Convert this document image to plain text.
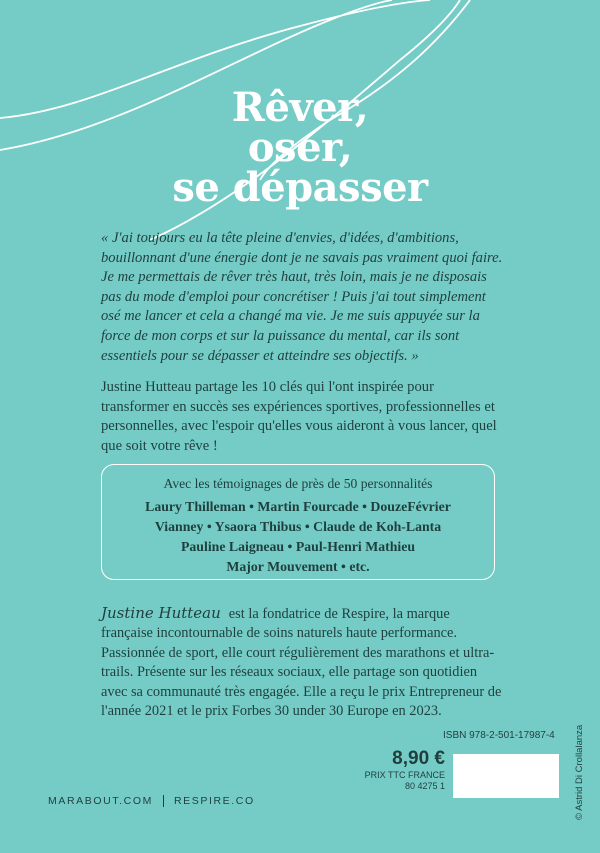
Rêver,
oser,
se dépasser

« J'ai toujours eu la tête pleine d'envies, d'idées, d'ambitions, bouillonnant d'une énergie dont je ne savais pas vraiment quoi faire. Je me permettais de rêver très haut, très loin, mais je ne disposais pas du mode d'emploi pour concrétiser ! Puis j'ai tout simplement osé me lancer et cela a changé ma vie. Je me suis appuyée sur la force de mon corps et sur la puissance du mental, car ils sont essentiels pour se dépasser et atteindre ses objectifs. »

Justine Hutteau partage les 10 clés qui l'ont inspirée pour transformer en succès ses expériences sportives, professionnelles et personnelles, avec l'espoir qu'elles vous aideront à vous lancer, quel que soit votre rêve !

Avec les témoignages de près de 50 personnalités
Laury Thilleman • Martin Fourcade • DouzeFévrier
Vianney • Ysaora Thibus • Claude de Koh-Lanta
Pauline Laigneau • Paul-Henri Mathieu
Major Mouvement • etc.

Justine Hutteau est la fondatrice de Respire, la marque française incontournable de soins naturels haute performance. Passionnée de sport, elle court régulièrement des marathons et ultra-trails. Présente sur les réseaux sociaux, elle partage son quotidien avec sa communauté très engagée. Elle a reçu le prix Entrepreneur de l'année 2021 et le prix Forbes 30 under 30 Europe en 2023.

ISBN 978-2-501-17987-4
8,90 €
PRIX TTC FRANCE
80 4275 1
MARABOUT.COM RESPIRE.CO	© Astrid Di Crollalanza
